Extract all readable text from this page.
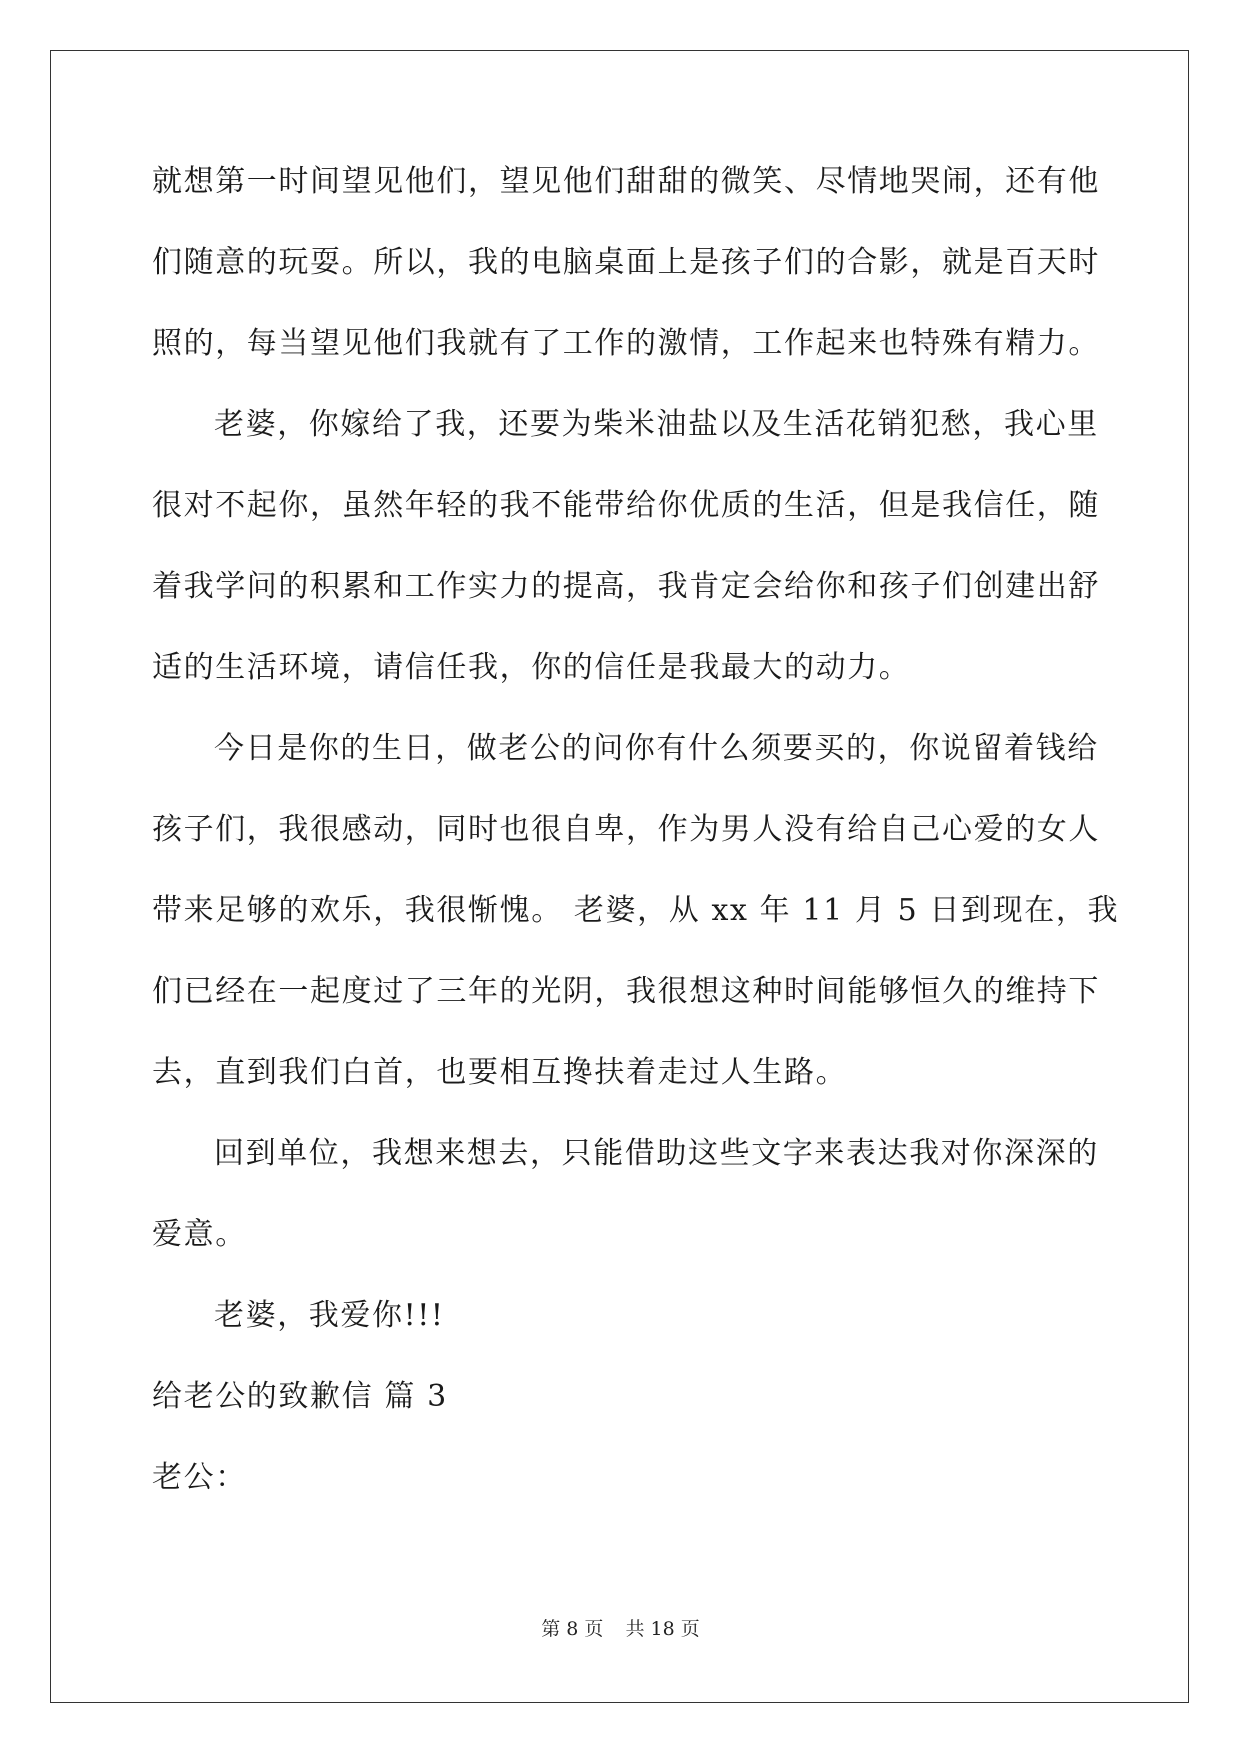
就想第一时间望见他们，望见他们甜甜的微笑、尽情地哭闹，还有他
们随意的玩耍。所以，我的电脑桌面上是孩子们的合影，就是百天时
照的，每当望见他们我就有了工作的激情，工作起来也特殊有精力。
老婆，你嫁给了我，还要为柴米油盐以及生活花销犯愁，我心里
很对不起你，虽然年轻的我不能带给你优质的生活，但是我信任，随
着我学问的积累和工作实力的提高，我肯定会给你和孩子们创建出舒
适的生活环境，请信任我，你的信任是我最大的动力。
今日是你的生日，做老公的问你有什么须要买的，你说留着钱给
孩子们，我很感动，同时也很自卑，作为男人没有给自己心爱的女人
带来足够的欢乐，我很惭愧。 老婆，从 xx 年 11 月 5 日到现在，我
们已经在一起度过了三年的光阴，我很想这种时间能够恒久的维持下
去，直到我们白首，也要相互搀扶着走过人生路。
回到单位，我想来想去，只能借助这些文字来表达我对你深深的
爱意。
老婆，我爱你!!!
给老公的致歉信 篇 3
老公：
第 8 页 共 18 页
